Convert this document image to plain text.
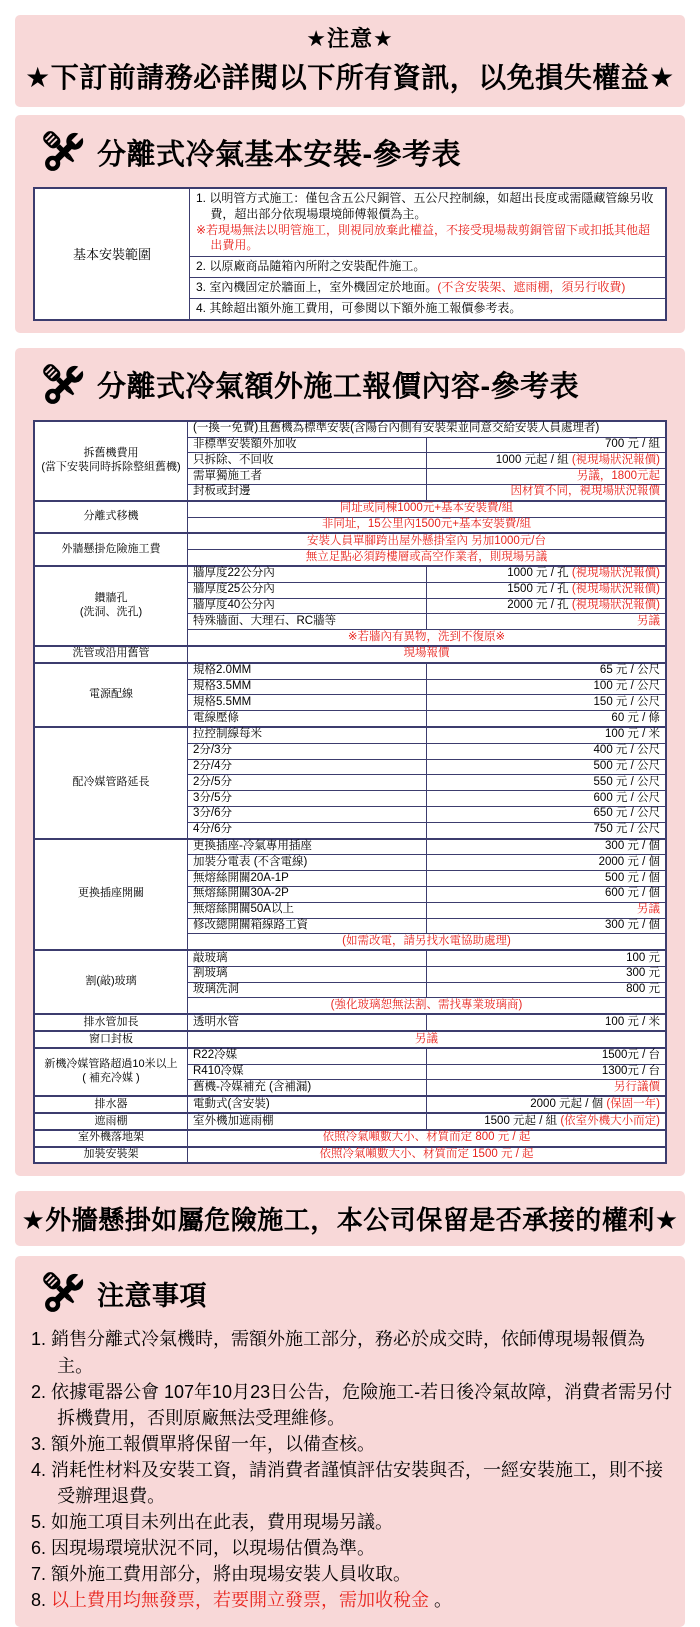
★注意★
★下訂前請務必詳閱以下所有資訊，以免損失權益★
分離式冷氣基本安裝-參考表
基本安裝範圍	
1. 以明管方式施工：僅包含五公尺銅管、五公尺控制線，如超出長度或需隱藏管線另收費，超出部分依現場環境師傅報價為主。
※若現場無法以明管施工，則視同放棄此權益，不接受現場裁剪銅管留下或扣抵其他超出費用。

2. 以原廠商品隨箱內所附之安裝配件施工。

3. 室內機固定於牆面上，室外機固定於地面。(不含安裝架、遮雨棚，須另行收費)

4. 其餘超出額外施工費用，可參閱以下額外施工報價參考表。
分離式冷氣額外施工報價內容-參考表
拆舊機費用
(當下安裝同時拆除整組舊機)	(一換一免費)且舊機為標準安裝(含陽台內側有安裝架並同意交給安裝人員處理者)	
	非標準安裝額外加收	700 元 / 組
	只拆除、不回收	1000 元起 / 組 (視現場狀況報價)
	需單獨施工者	另議，1800元起
	封板或封邊	因材質不同，視現場狀況報價

分離式移機	同址或同棟1000元+基本安裝費/組	
	非同址，15公里內1500元+基本安裝費/組	

外牆懸掛危險施工費	安裝人員單腳跨出屋外懸掛室內 另加1000元/台	
	無立足點必須跨樓層或高空作業者，則現場另議	

鑽牆孔
(洗洞、洗孔)	牆厚度22公分內	1000 元 / 孔 (視現場狀況報價)
	牆厚度25公分內	1500 元 / 孔 (視現場狀況報價)
	牆厚度40公分內	2000 元 / 孔 (視現場狀況報價)
	特殊牆面、大理石、RC牆等	另議
	※若牆內有異物，洗到不復原※	

洗管或沿用舊管	現場報價	

電源配線	規格2.0MM	65 元 / 公尺
	規格3.5MM	100 元 / 公尺
	規格5.5MM	150 元 / 公尺
	電線壓條	60 元 / 條

配冷媒管路延長	拉控制線每米	100 元 / 米
	2分/3分	400 元 / 公尺
	2分/4分	500 元 / 公尺
	2分/5分	550 元 / 公尺
	3分/5分	600 元 / 公尺
	3分/6分	650 元 / 公尺
	4分/6分	750 元 / 公尺

更換插座開關	更換插座-冷氣專用插座	300 元 / 個
	加裝分電表 (不含電線)	2000 元 / 個
	無熔絲開關20A-1P	500 元 / 個
	無熔絲開關30A-2P	600 元 / 個
	無熔絲開關50A以上	另議
	修改總開關箱線路工資	300 元 / 個
	(如需改電，請另找水電協助處理)	

割(敲)玻璃	敲玻璃	100 元
	割玻璃	300 元
	玻璃洗洞	800 元
	(強化玻璃恕無法割、需找專業玻璃商)	

排水管加長	透明水管	100 元 / 米

窗口封板	另議	

新機冷媒管路超過10米以上
( 補充冷媒 )	R22冷媒	1500元 / 台
	R410冷媒	1300元 / 台
	舊機-冷媒補充 (含補漏)	另行議價

排水器	電動式(含安裝)	2000 元起 / 個 (保固一年)

遮雨棚	室外機加遮雨棚	1500 元起 / 組 (依室外機大小而定)

室外機落地架	依照冷氣噸數大小、材質而定 800 元 / 起	

加裝安裝架	依照冷氣噸數大小、材質而定 1500 元 / 起	
★外牆懸掛如屬危險施工，本公司保留是否承接的權利★
注意事項
1. 銷售分離式冷氣機時，需額外施工部分，務必於成交時，依師傅現場報價為主。
2. 依據電器公會 107年10月23日公告，危險施工-若日後冷氣故障，消費者需另付拆機費用，否則原廠無法受理維修。
3. 額外施工報價單將保留一年，以備查核。
4. 消耗性材料及安裝工資，請消費者謹慎評估安裝與否，一經安裝施工，則不接受辦理退費。
5. 如施工項目未列出在此表，費用現場另議。
6. 因現場環境狀況不同，以現場估價為準。
7. 額外施工費用部分，將由現場安裝人員收取。
8. 以上費用均無發票，若要開立發票，需加收稅金 。
